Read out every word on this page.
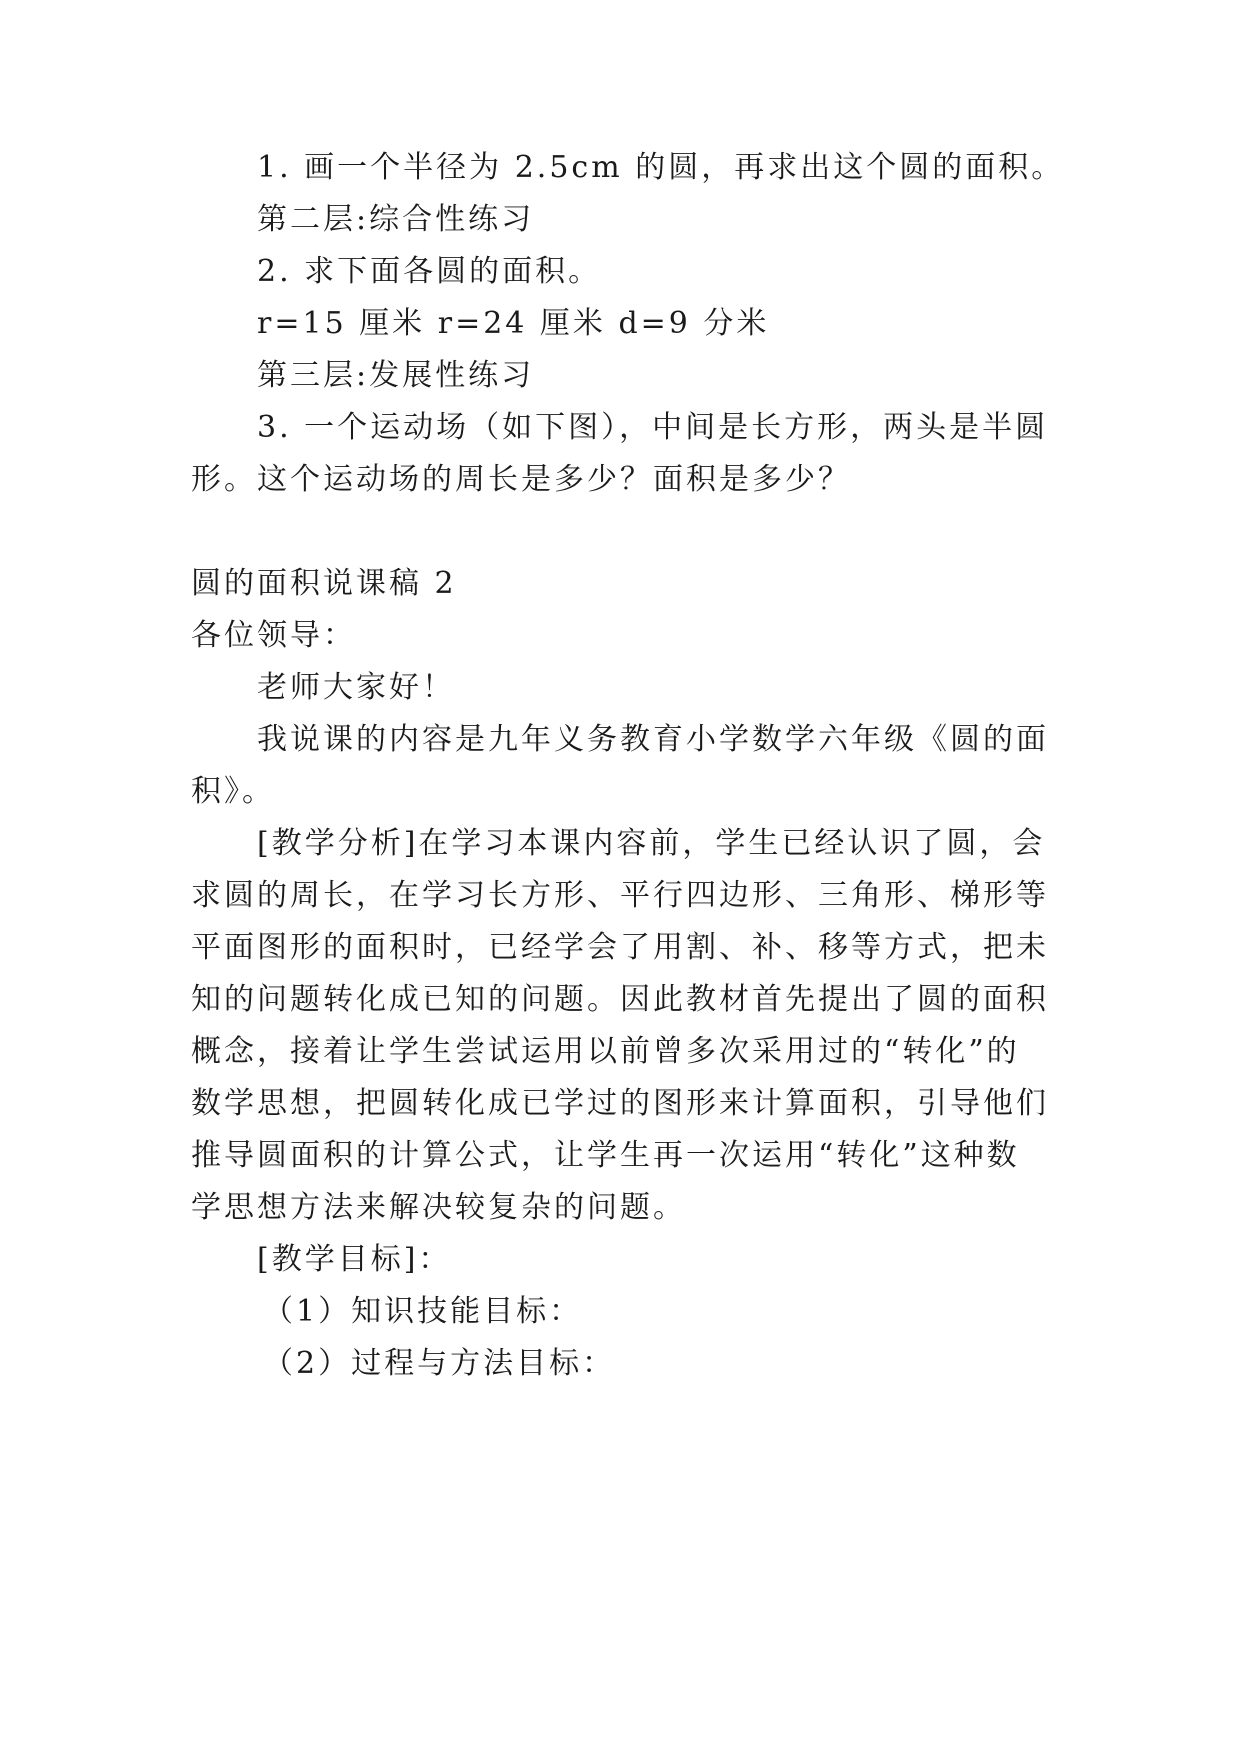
1. 画一个半径为 2.5cm 的圆，再求出这个圆的面积。
第二层:综合性练习
2. 求下面各圆的面积。
r=15 厘米 r=24 厘米 d=9 分米
第三层:发展性练习
3. 一个运动场（如下图），中间是长方形，两头是半圆
形。这个运动场的周长是多少？面积是多少？
圆的面积说课稿 2
各位领导：
老师大家好！
我说课的内容是九年义务教育小学数学六年级《圆的面
积》。
[教学分析]在学习本课内容前，学生已经认识了圆，会
求圆的周长，在学习长方形、平行四边形、三角形、梯形等
平面图形的面积时，已经学会了用割、补、移等方式，把未
知的问题转化成已知的问题。因此教材首先提出了圆的面积
概念，接着让学生尝试运用以前曾多次采用过的“转化”的
数学思想，把圆转化成已学过的图形来计算面积，引导他们
推导圆面积的计算公式，让学生再一次运用“转化”这种数
学思想方法来解决较复杂的问题。
[教学目标]：
（1）知识技能目标：
（2）过程与方法目标：
